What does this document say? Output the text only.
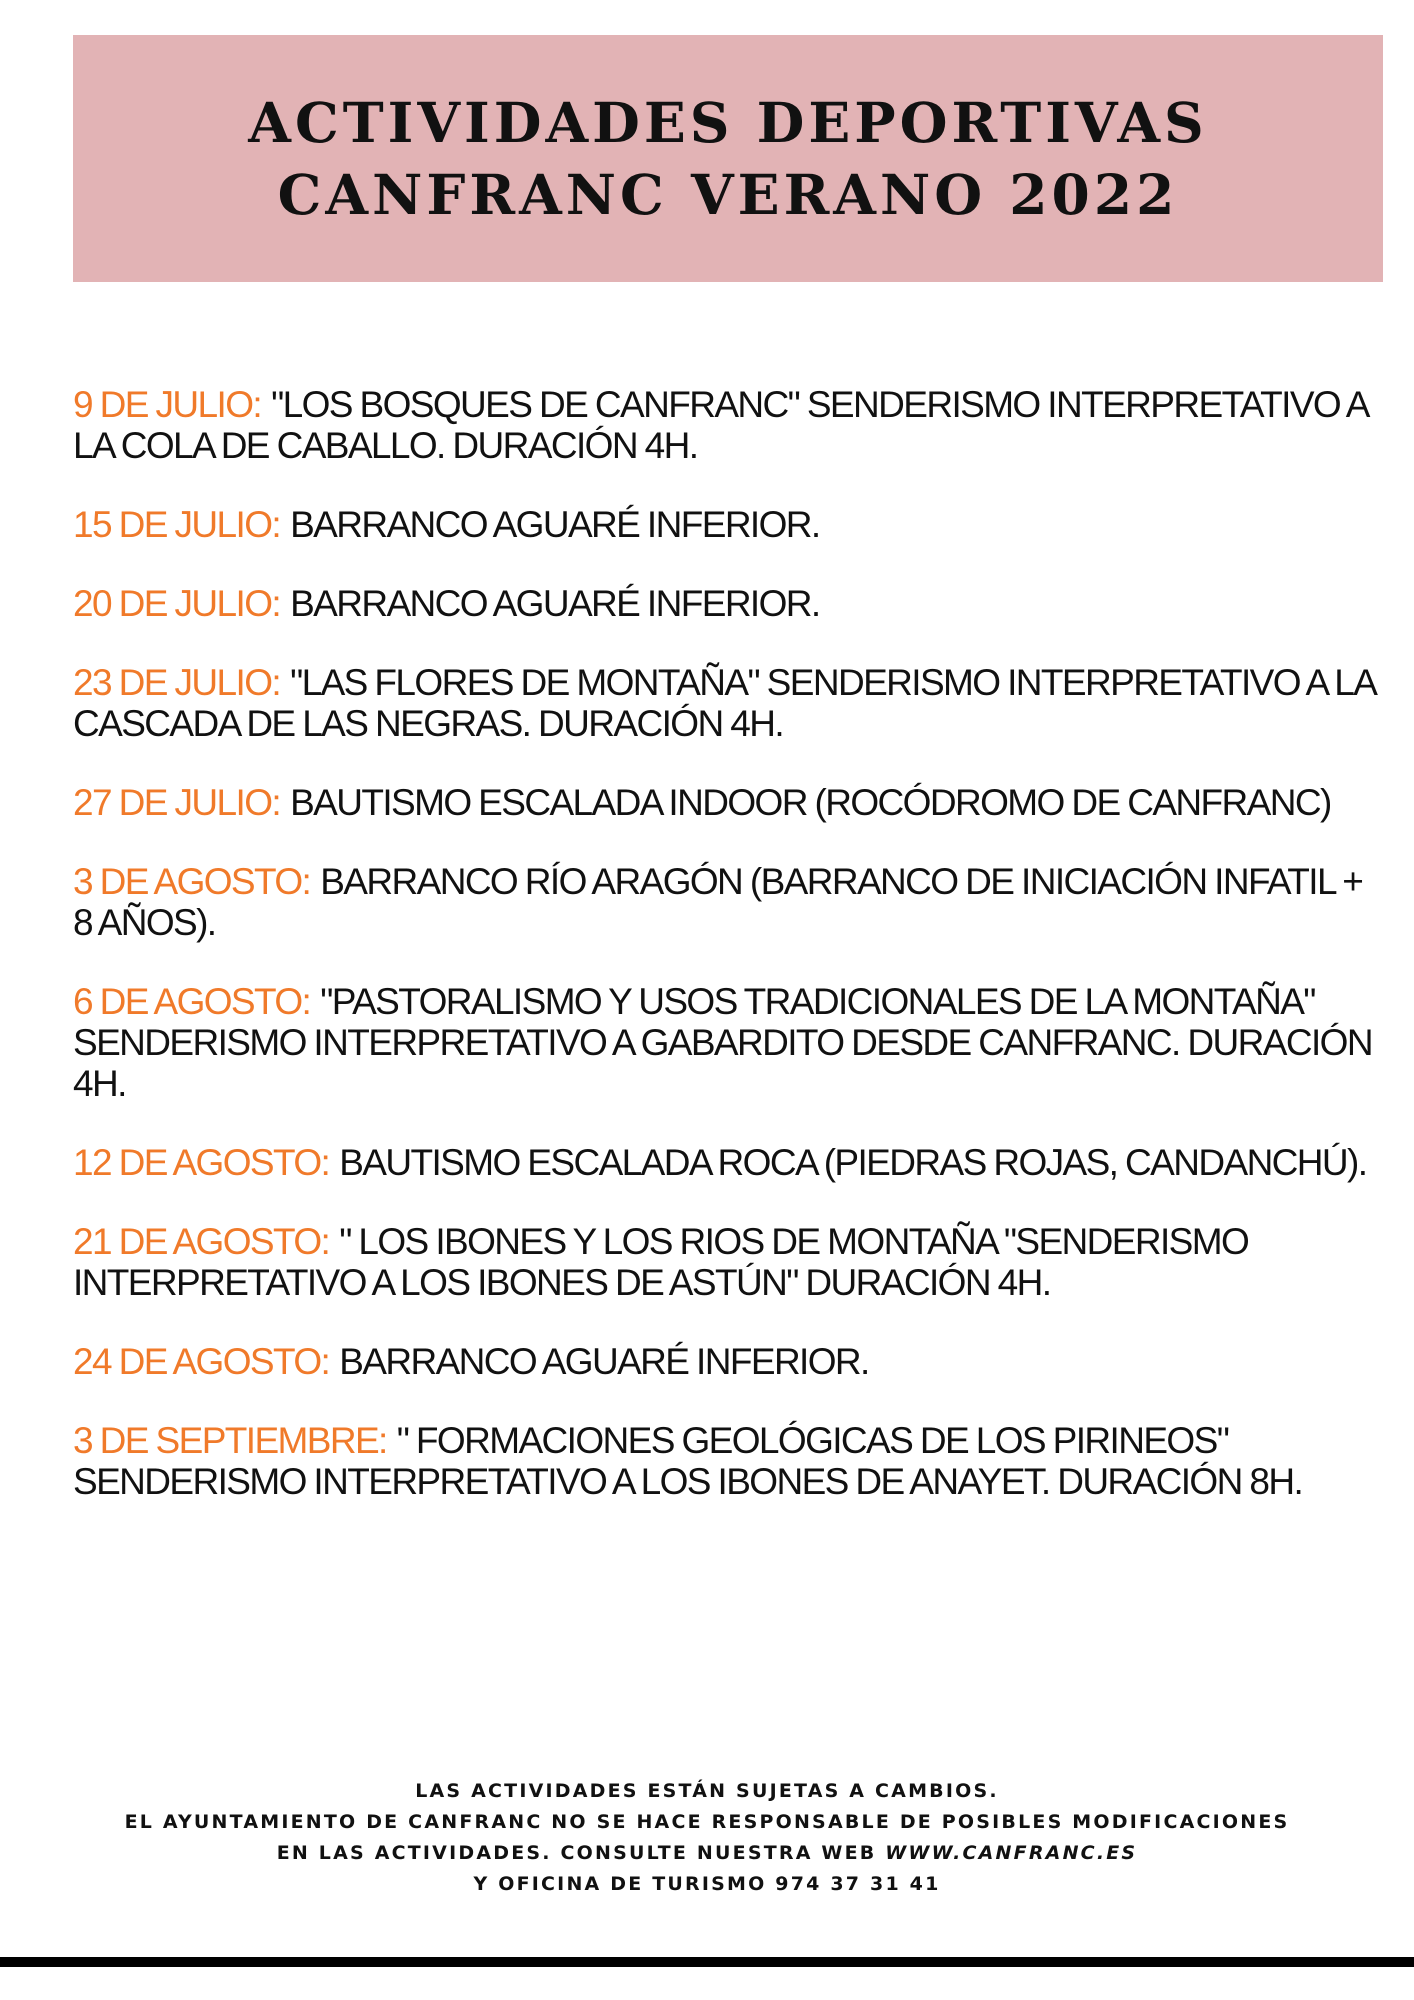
ACTIVIDADES DEPORTIVAS
CANFRANC VERANO 2022
9 DE JULIO: "LOS BOSQUES DE CANFRANC" SENDERISMO INTERPRETATIVO A LA COLA DE CABALLO. DURACIÓN 4H.
15 DE JULIO: BARRANCO AGUARÉ INFERIOR.
20 DE JULIO: BARRANCO AGUARÉ INFERIOR.
23 DE JULIO: "LAS FLORES DE MONTAÑA" SENDERISMO INTERPRETATIVO A LA CASCADA DE LAS NEGRAS. DURACIÓN 4H.
27 DE JULIO: BAUTISMO ESCALADA INDOOR (ROCÓDROMO DE CANFRANC)
3 DE AGOSTO: BARRANCO RÍO ARAGÓN (BARRANCO DE INICIACIÓN INFATIL + 8 AÑOS).
6 DE AGOSTO: "PASTORALISMO Y USOS TRADICIONALES DE LA MONTAÑA" SENDERISMO INTERPRETATIVO A GABARDITO DESDE CANFRANC. DURACIÓN 4H.
12 DE AGOSTO: BAUTISMO ESCALADA ROCA (PIEDRAS ROJAS, CANDANCHÚ).
21 DE AGOSTO: " LOS IBONES Y LOS RIOS DE MONTAÑA "SENDERISMO INTERPRETATIVO A LOS IBONES DE ASTÚN" DURACIÓN 4H.
24 DE AGOSTO: BARRANCO AGUARÉ INFERIOR.
3 DE SEPTIEMBRE: " FORMACIONES GEOLÓGICAS DE LOS PIRINEOS" SENDERISMO INTERPRETATIVO A LOS IBONES DE ANAYET. DURACIÓN 8H.
LAS ACTIVIDADES ESTÁN SUJETAS A CAMBIOS.
EL AYUNTAMIENTO DE CANFRANC NO SE HACE RESPONSABLE DE POSIBLES MODIFICACIONES
EN LAS ACTIVIDADES. CONSULTE NUESTRA WEB WWW.CANFRANC.ES
Y OFICINA DE TURISMO 974 37 31 41
